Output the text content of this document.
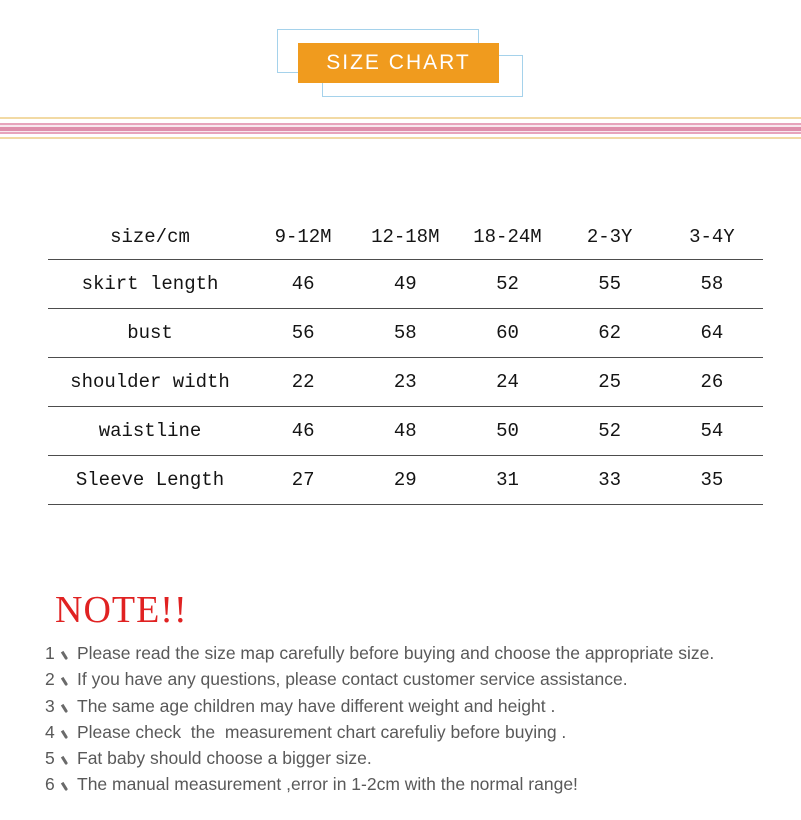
SIZE CHART
size/cm	9-12M	12-18M	18-24M	2-3Y	3-4Y
skirt length	46	49	52	55	58
bust	56	58	60	62	64
shoulder width	22	23	24	25	26
waistline	46	48	50	52	54
Sleeve Length	27	29	31	33	35
NOTE!!
1 Please read the size map carefully before buying and choose the appropriate size.
2 If you have any questions, please contact customer service assistance.
3 The same age children may have different weight and height .
4 Please check  the  measurement chart carefuliy before buying .
5 Fat baby should choose a bigger size.
6 The manual measurement ,error in 1-2cm with the normal range!
